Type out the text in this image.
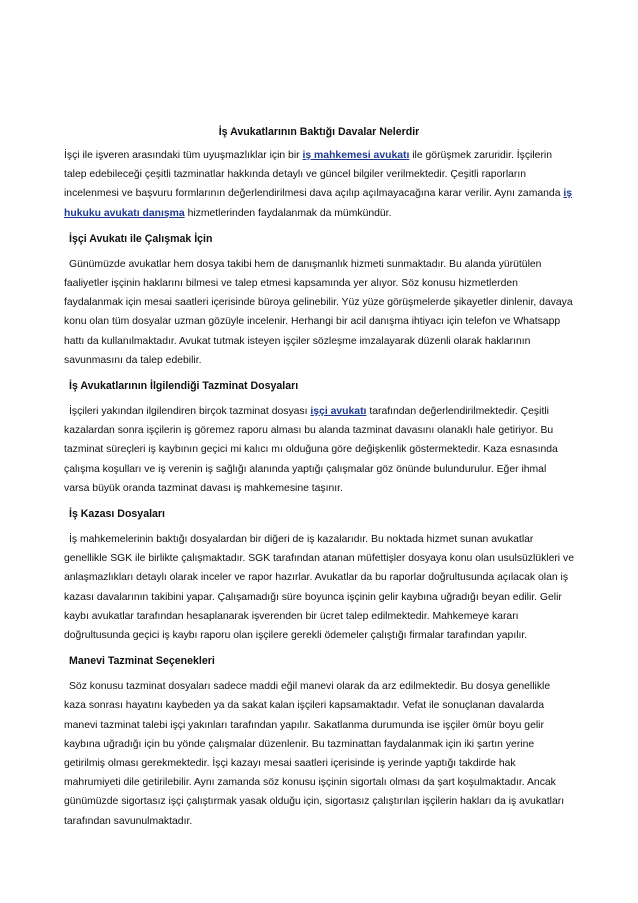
İş Avukatlarının Baktığı Davalar Nelerdir

İşçi ile işveren arasındaki tüm uyuşmazlıklar için bir iş mahkemesi avukatı ile görüşmek zaruridir. İşçilerin talep edebileceği çeşitli tazminatlar hakkında detaylı ve güncel bilgiler verilmektedir. Çeşitli raporların incelenmesi ve başvuru formlarının değerlendirilmesi dava açılıp açılmayacağına karar verilir. Aynı zamanda iş hukuku avukatı danışma hizmetlerinden faydalanmak da mümkündür.

İşçi Avukatı ile Çalışmak İçin

Günümüzde avukatlar hem dosya takibi hem de danışmanlık hizmeti sunmaktadır. Bu alanda yürütülen faaliyetler işçinin haklarını bilmesi ve talep etmesi kapsamında yer alıyor. Söz konusu hizmetlerden faydalanmak için mesai saatleri içerisinde büroya gelinebilir. Yüz yüze görüşmelerde şikayetler dinlenir, davaya konu olan tüm dosyalar uzman gözüyle incelenir. Herhangi bir acil danışma ihtiyacı için telefon ve Whatsapp hattı da kullanılmaktadır. Avukat tutmak isteyen işçiler sözleşme imzalayarak düzenli olarak haklarının savunmasını da talep edebilir.

İş Avukatlarının İlgilendiği Tazminat Dosyaları

İşçileri yakından ilgilendiren birçok tazminat dosyası işçi avukatı tarafından değerlendirilmektedir. Çeşitli kazalardan sonra işçilerin iş göremez raporu alması bu alanda tazminat davasını olanaklı hale getiriyor. Bu tazminat süreçleri iş kaybının geçici mi kalıcı mı olduğuna göre değişkenlik göstermektedir. Kaza esnasında çalışma koşulları ve iş verenin iş sağlığı alanında yaptığı çalışmalar göz önünde bulundurulur. Eğer ihmal varsa büyük oranda tazminat davası iş mahkemesine taşınır.

İş Kazası Dosyaları

İş mahkemelerinin baktığı dosyalardan bir diğeri de iş kazalarıdır. Bu noktada hizmet sunan avukatlar genellikle SGK ile birlikte çalışmaktadır. SGK tarafından atanan müfettişler dosyaya konu olan usulsüzlükleri ve anlaşmazlıkları detaylı olarak inceler ve rapor hazırlar. Avukatlar da bu raporlar doğrultusunda açılacak olan iş kazası davalarının takibini yapar. Çalışamadığı süre boyunca işçinin gelir kaybına uğradığı beyan edilir. Gelir kaybı avukatlar tarafından hesaplanarak işverenden bir ücret talep edilmektedir. Mahkemeye kararı doğrultusunda geçici iş kaybı raporu olan işçilere gerekli ödemeler çalıştığı firmalar tarafından yapılır.

Manevi Tazminat Seçenekleri

Söz konusu tazminat dosyaları sadece maddi eğil manevi olarak da arz edilmektedir. Bu dosya genellikle kaza sonrası hayatını kaybeden ya da sakat kalan işçileri kapsamaktadır. Vefat ile sonuçlanan davalarda manevi tazminat talebi işçi yakınları tarafından yapılır. Sakatlanma durumunda ise işçiler ömür boyu gelir kaybına uğradığı için bu yönde çalışmalar düzenlenir. Bu tazminattan faydalanmak için iki şartın yerine getirilmiş olması gerekmektedir. İşçi kazayı mesai saatleri içerisinde iş yerinde yaptığı takdirde hak mahrumiyeti dile getirilebilir. Aynı zamanda söz konusu işçinin sigortalı olması da şart koşulmaktadır. Ancak günümüzde sigortasız işçi çalıştırmak yasak olduğu için, sigortasız çalıştırılan işçilerin hakları da iş avukatları tarafından savunulmaktadır.
